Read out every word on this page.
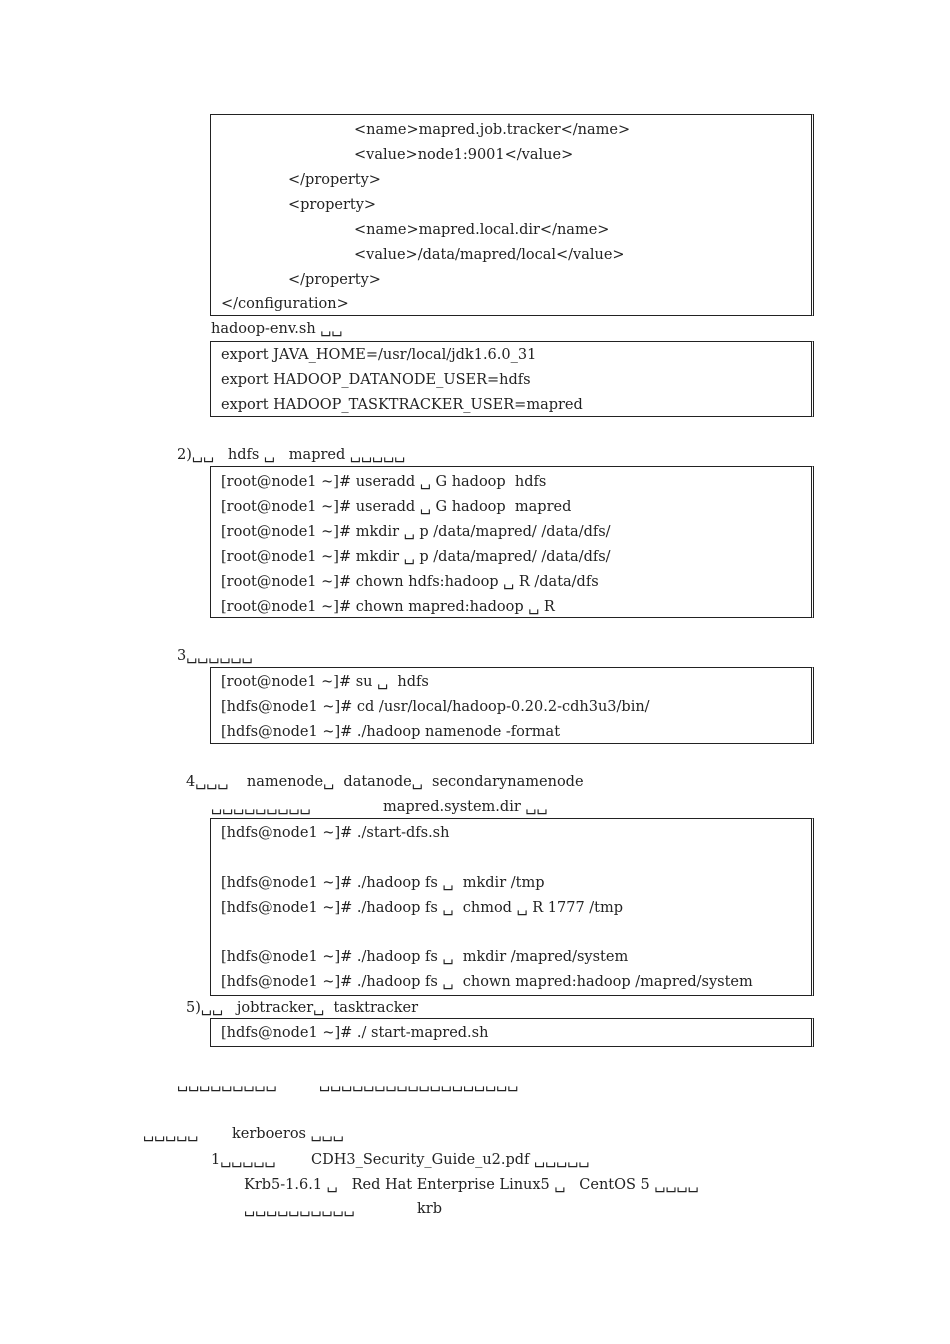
<name>mapred.job.tracker</name>
<value>node1:9001</value>
</property>
<property>
<name>mapred.local.dir</name>
<value>/data/mapred/local</value>
</property>
</configuration>
hadoop-env.sh ␣␣
export JAVA_HOME=/usr/local/jdk1.6.0_31
export HADOOP_DATANODE_USER=hdfs
export HADOOP_TASKTRACKER_USER=mapred
2)␣␣   hdfs ␣   mapred ␣␣␣␣␣
[root@node1 ~]# useradd ␣ G hadoop  hdfs
[root@node1 ~]# useradd ␣ G hadoop  mapred
[root@node1 ~]# mkdir ␣ p /data/mapred/ /data/dfs/
[root@node1 ~]# mkdir ␣ p /data/mapred/ /data/dfs/
[root@node1 ~]# chown hdfs:hadoop ␣ R /data/dfs
[root@node1 ~]# chown mapred:hadoop ␣ R
3␣␣␣␣␣␣
[root@node1 ~]# su ␣  hdfs
[hdfs@node1 ~]# cd /usr/local/hadoop-0.20.2-cdh3u3/bin/
[hdfs@node1 ~]# ./hadoop namenode -format
4␣␣␣    namenode␣  datanode␣  secondarynamenode
␣␣␣␣␣␣␣␣␣	mapred.system.dir ␣␣
[hdfs@node1 ~]# ./start-dfs.sh
[hdfs@node1 ~]# ./hadoop fs ␣  mkdir /tmp
[hdfs@node1 ~]# ./hadoop fs ␣  chmod ␣ R 1777 /tmp
[hdfs@node1 ~]# ./hadoop fs ␣  mkdir /mapred/system
[hdfs@node1 ~]# ./hadoop fs ␣  chown mapred:hadoop /mapred/system
5)␣␣   jobtracker␣  tasktracker
[hdfs@node1 ~]# ./ start-mapred.sh
␣␣␣␣␣␣␣␣␣	␣␣␣␣␣␣␣␣␣␣␣␣␣␣␣␣␣␣
␣␣␣␣␣ kerboeros ␣␣␣
1␣␣␣␣␣ CDH3_Security_Guide_u2.pdf ␣␣␣␣␣
Krb5-1.6.1 ␣   Red Hat Enterprise Linux5 ␣   CentOS 5 ␣␣␣␣
␣␣␣␣␣␣␣␣␣␣	krb
